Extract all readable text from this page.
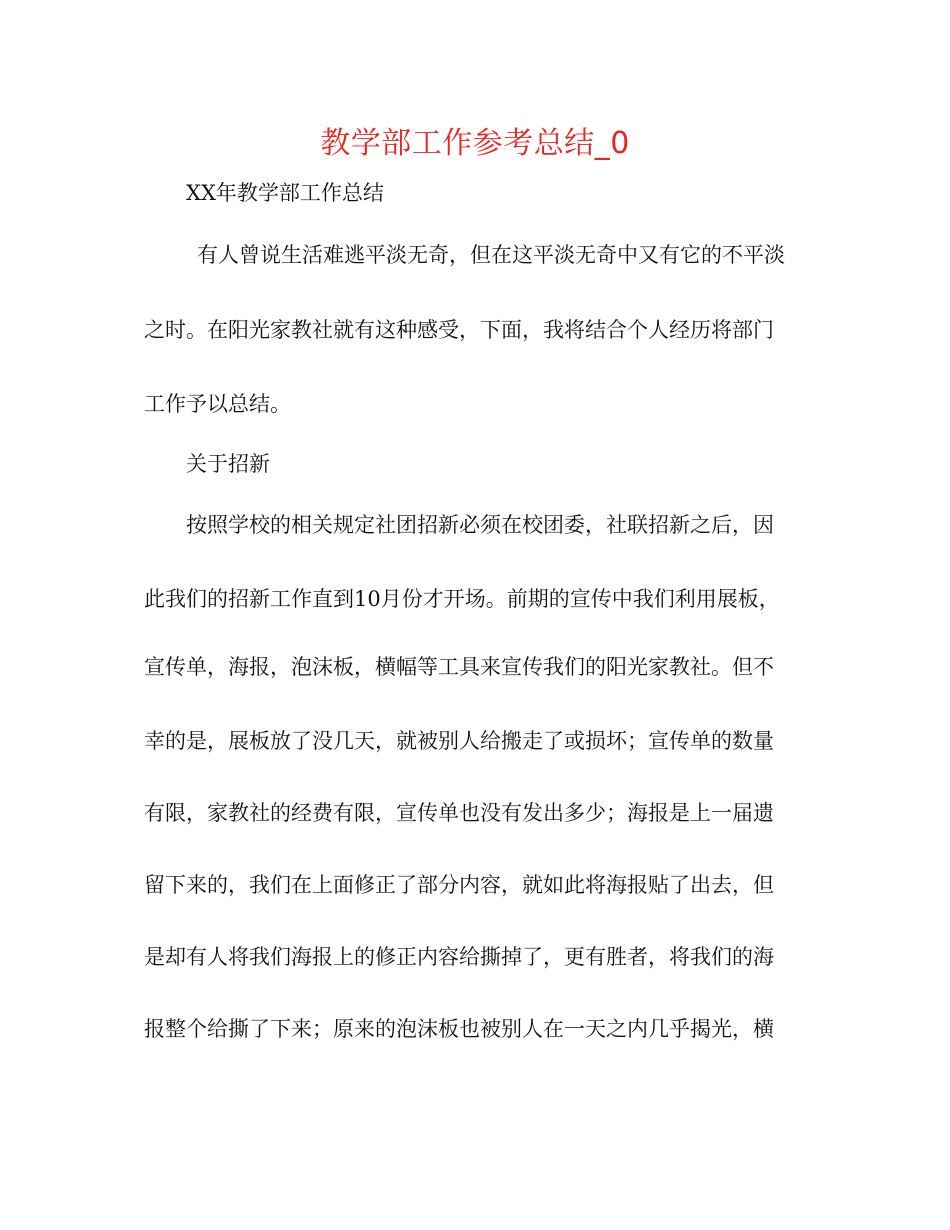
教学部工作参考总结_0

XX年教学部工作总结

有人曾说生活难逃平淡无奇，但在这平淡无奇中又有它的不平淡

之时。在阳光家教社就有这种感受，下面，我将结合个人经历将部门

工作予以总结。

关于招新

按照学校的相关规定社团招新必须在校团委，社联招新之后，因

此我们的招新工作直到10月份才开场。前期的宣传中我们利用展板，

宣传单，海报，泡沫板，横幅等工具来宣传我们的阳光家教社。但不

幸的是，展板放了没几天，就被别人给搬走了或损坏；宣传单的数量

有限，家教社的经费有限，宣传单也没有发出多少；海报是上一届遗

留下来的，我们在上面修正了部分内容，就如此将海报贴了出去，但

是却有人将我们海报上的修正内容给撕掉了，更有胜者，将我们的海

报整个给撕了下来；原来的泡沫板也被别人在一天之内几乎揭光，横
